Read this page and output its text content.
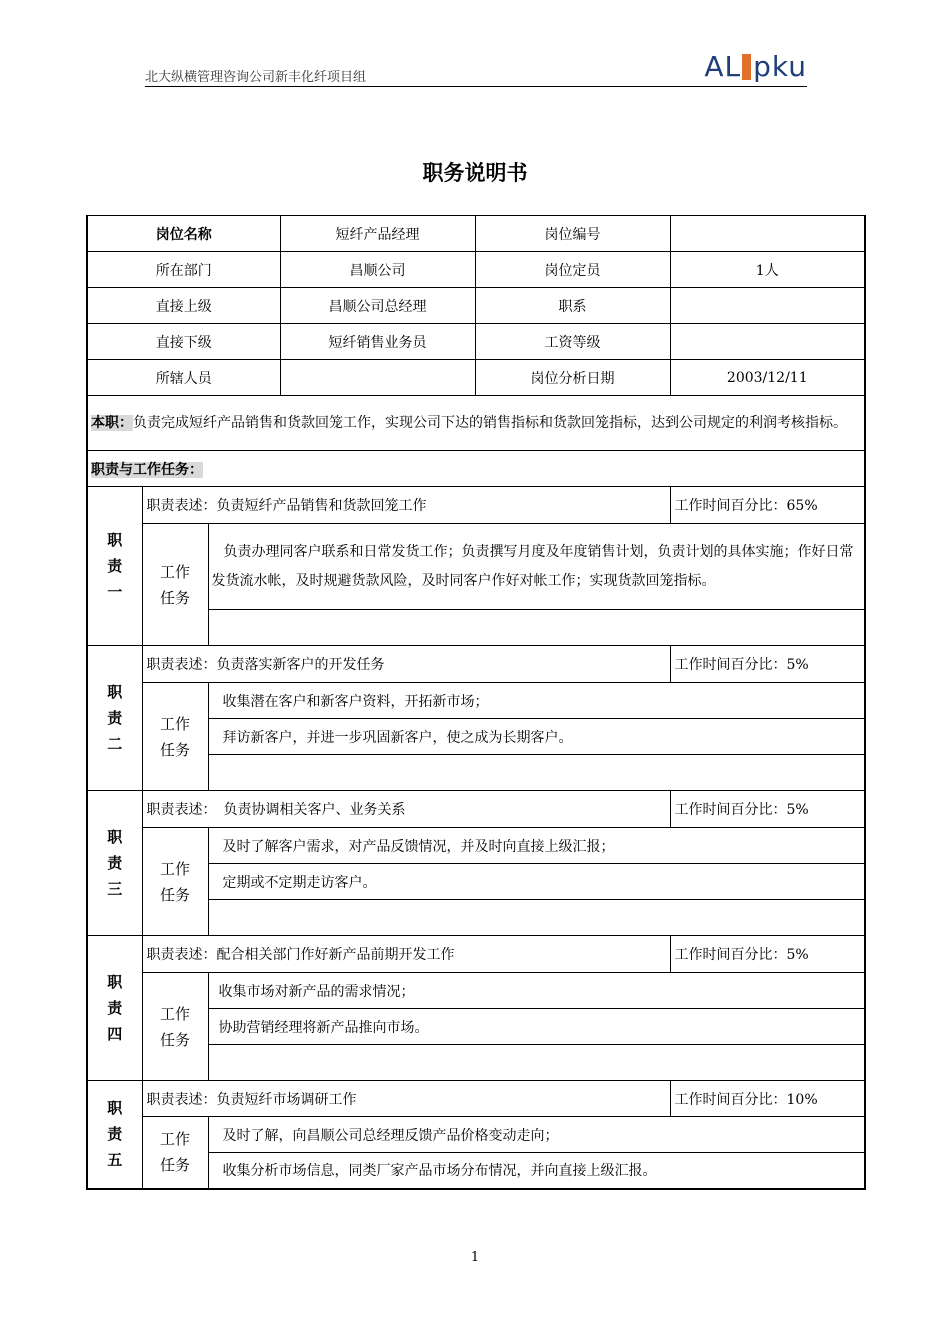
北大纵横管理咨询公司新丰化纤项目组	AL pku
职务说明书
岗位名称			短纤产品经理	岗位编号	
所在部门			昌顺公司	岗位定员	1人
直接上级			昌顺公司总经理	职系	
直接下级			短纤销售业务员	工资等级	
所辖人员				岗位分析日期	2003/12/11
本职：负责完成短纤产品销售和货款回笼工作，实现公司下达的销售指标和货款回笼指标，达到公司规定的利润考核指标。					
职责与工作任务：					
职
责
一	职责表述：负责短纤产品销售和货款回笼工作				工作时间百分比：65%
	工作
任务	负责办理同客户联系和日常发货工作；负责撰写月度及年度销售计划，负责计划的具体实施；作好日常发货流水帐，及时规避货款风险，及时同客户作好对帐工作；实现货款回笼指标。			

职
责
二	职责表述：负责落实新客户的开发任务				工作时间百分比：5%
	工作
任务	收集潜在客户和新客户资料，开拓新市场；			
		拜访新客户，并进一步巩固新客户，使之成为长期客户。			

职
责
三	职责表述：　负责协调相关客户、业务关系				工作时间百分比：5%
	工作
任务	及时了解客户需求，对产品反馈情况，并及时向直接上级汇报；			
		定期或不定期走访客户。			

职
责
四	职责表述：配合相关部门作好新产品前期开发工作				工作时间百分比：5%
	工作
任务	收集市场对新产品的需求情况；			
		协助营销经理将新产品推向市场。			

职
责
五	职责表述：负责短纤市场调研工作				工作时间百分比：10%
	工作
任务	及时了解，向昌顺公司总经理反馈产品价格变动走向；			
		收集分析市场信息，同类厂家产品市场分布情况，并向直接上级汇报。			
1
